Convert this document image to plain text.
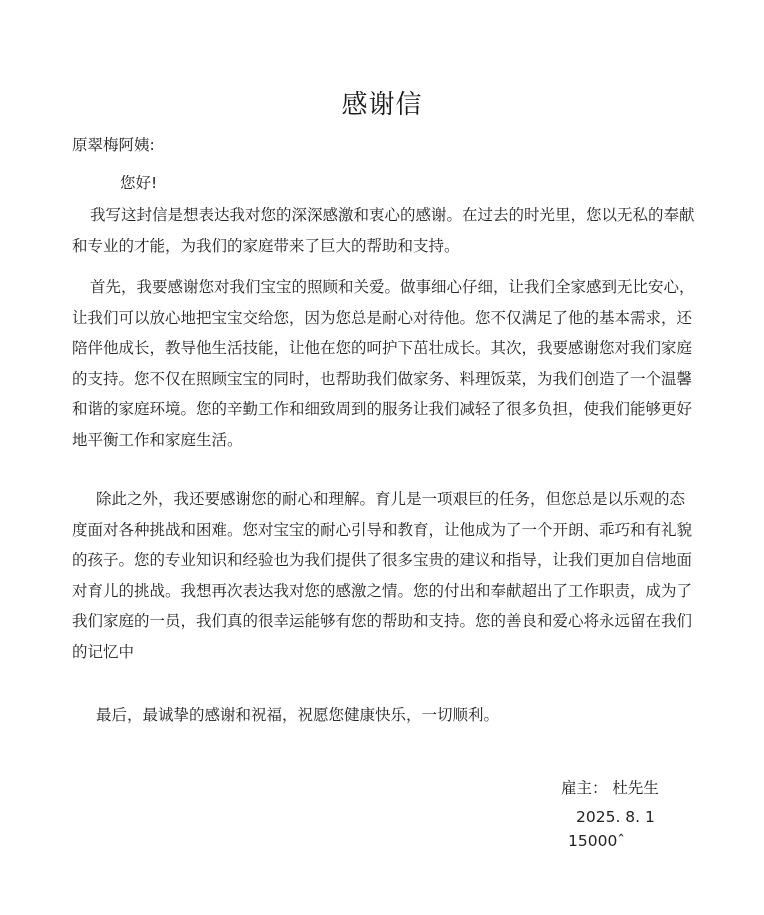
感谢信
原翠梅阿姨:
您好!
我写这封信是想表达我对您的深深感激和衷心的感谢。在过去的时光里，您以无私的奉献
和专业的才能，为我们的家庭带来了巨大的帮助和支持。
首先，我要感谢您对我们宝宝的照顾和关爱。做事细心仔细，让我们全家感到无比安心，
让我们可以放心地把宝宝交给您，因为您总是耐心对待他。您不仅满足了他的基本需求，还
陪伴他成长，教导他生活技能，让他在您的呵护下茁壮成长。其次，我要感谢您对我们家庭
的支持。您不仅在照顾宝宝的同时，也帮助我们做家务、料理饭菜，为我们创造了一个温馨
和谐的家庭环境。您的辛勤工作和细致周到的服务让我们减轻了很多负担，使我们能够更好
地平衡工作和家庭生活。
除此之外，我还要感谢您的耐心和理解。育儿是一项艰巨的任务，但您总是以乐观的态
度面对各种挑战和困难。您对宝宝的耐心引导和教育，让他成为了一个开朗、乖巧和有礼貌
的孩子。您的专业知识和经验也为我们提供了很多宝贵的建议和指导，让我们更加自信地面
对育儿的挑战。我想再次表达我对您的感激之情。您的付出和奉献超出了工作职责，成为了
我们家庭的一员，我们真的很幸运能够有您的帮助和支持。您的善良和爱心将永远留在我们
的记忆中
最后，最诚挚的感谢和祝福，祝愿您健康快乐，一切顺利。
雇主： 杜先生
2025. 8. 1
15000ˆ
